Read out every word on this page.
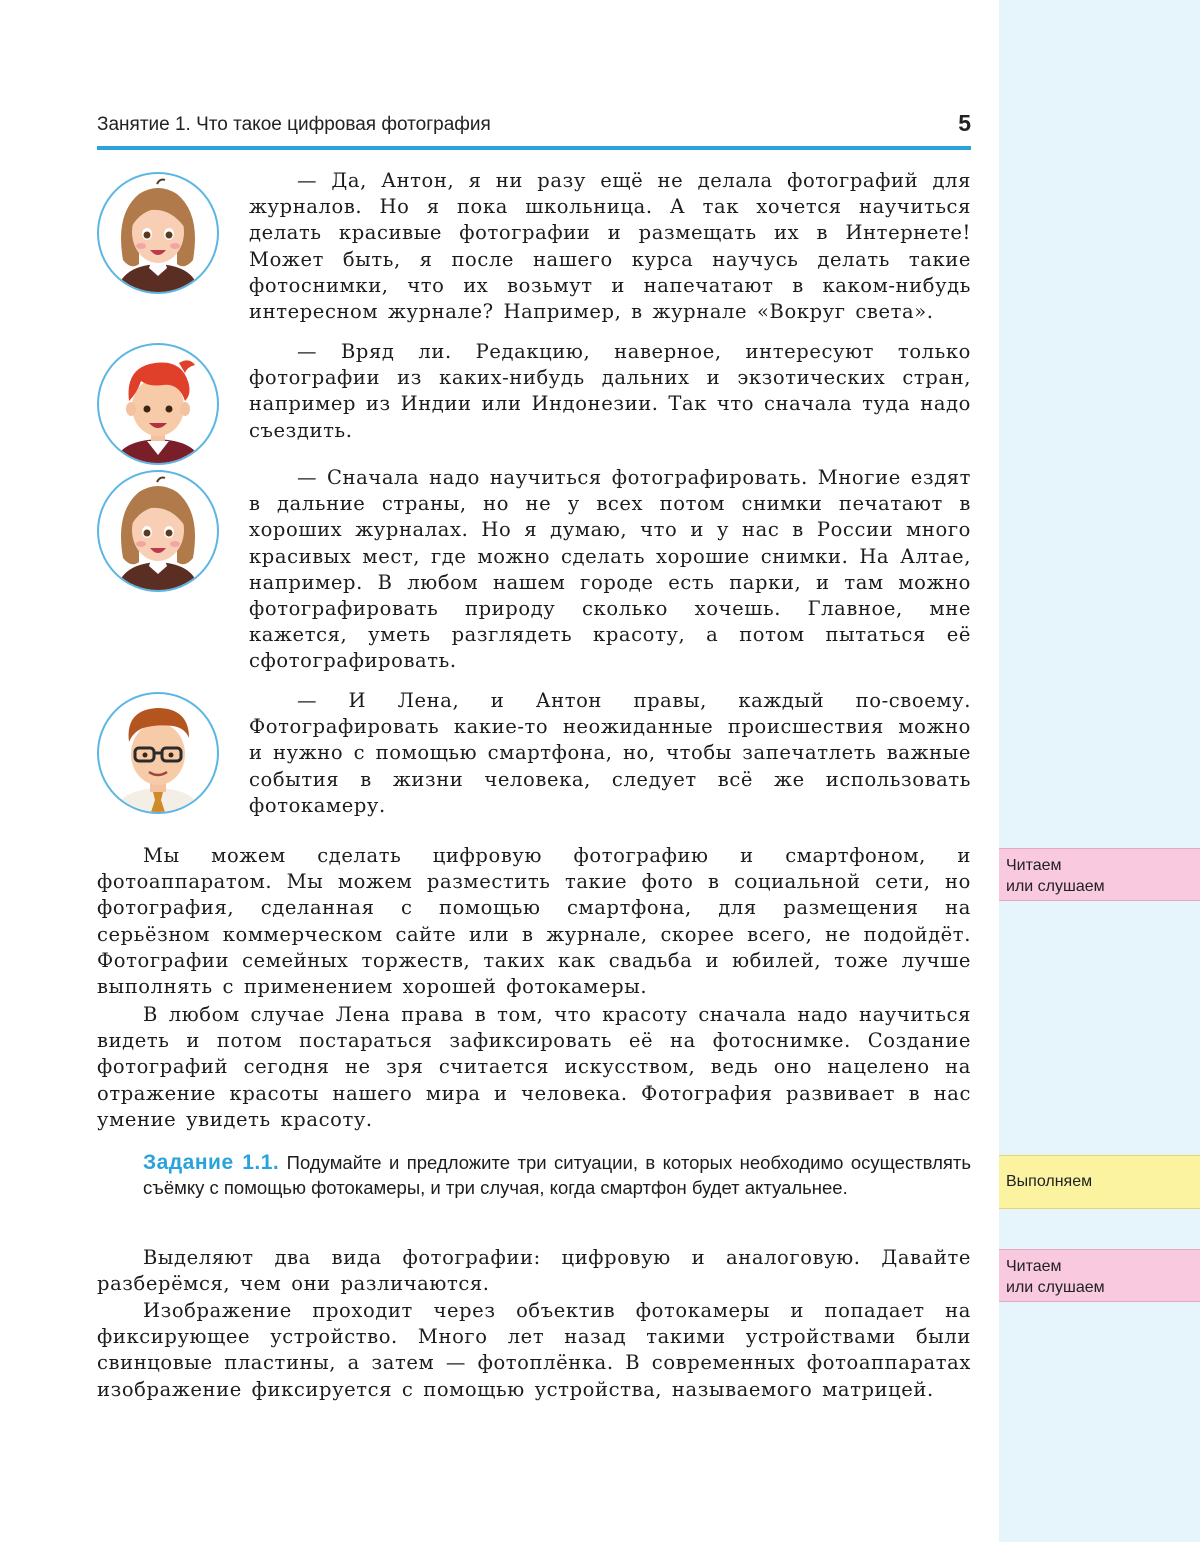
Читаем
или слушаем
Выполняем
Читаем
или слушаем
Занятие 1. Что такое цифровая фотография	5

— Да, Антон, я ни разу ещё не делала фотографий для журналов. Но я пока школьница. А так хочется научиться делать красивые фотографии и размещать их в Интернете! Может быть, я после нашего курса научусь делать такие фотоснимки, что их возьмут и напечатают в каком-нибудь интересном журнале? Например, в журнале «Вокруг света».

— Вряд ли. Редакцию, наверное, интересуют только фотографии из каких-нибудь дальних и экзотических стран, например из Индии или Индонезии. Так что сначала туда надо съездить.

— Сначала надо научиться фотографировать. Многие ездят в дальние страны, но не у всех потом снимки печатают в хороших журналах. Но я думаю, что и у нас в России много красивых мест, где можно сделать хорошие снимки. На Алтае, например. В любом нашем городе есть парки, и там можно фотографировать природу сколько хочешь. Главное, мне кажется, уметь разглядеть красоту, а потом пытаться её сфотографировать.

— И Лена, и Антон правы, каждый по-своему. Фотографировать какие-то неожиданные происшествия можно и нужно с помощью смартфона, но, чтобы запечатлеть важные события в жизни человека, следует всё же использовать фотокамеру.

Мы можем сделать цифровую фотографию и смартфоном, и фотоаппаратом. Мы можем разместить такие фото в социальной сети, но фотография, сделанная с помощью смартфона, для размещения на серьёзном коммерческом сайте или в журнале, скорее всего, не подойдёт. Фотографии семейных торжеств, таких как свадьба и юбилей, тоже лучше выполнять с применением хорошей фотокамеры.

В любом случае Лена права в том, что красоту сначала надо научиться видеть и потом постараться зафиксировать её на фотоснимке. Создание фотографий сегодня не зря считается искусством, ведь оно нацелено на отражение красоты нашего мира и человека. Фотография развивает в нас умение увидеть красоту.

Задание 1.1. Подумайте и предложите три ситуации, в которых необходимо осуществлять съёмку с помощью фотокамеры, и три случая, когда смартфон будет актуальнее.

Выделяют два вида фотографии: цифровую и аналоговую. Давайте разберёмся, чем они различаются.

Изображение проходит через объектив фотокамеры и попадает на фиксирующее устройство. Много лет назад такими устройствами были свинцовые пластины, а затем — фотоплёнка. В современных фотоаппаратах изображение фиксируется с помощью устройства, называемого матрицей.
